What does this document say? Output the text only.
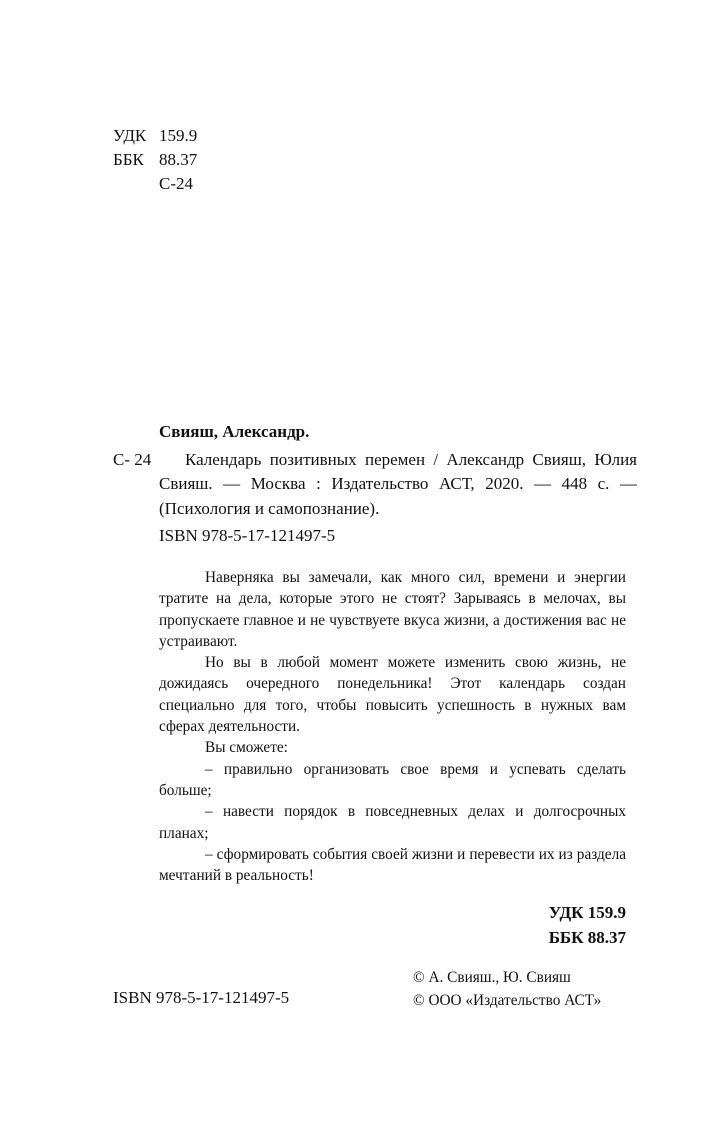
УДК 159.9
ББК 88.37
С-24
Свияш, Александр.
С- 24	Календарь позитивных перемен / Александр Свияш, Юлия Свияш. — Москва : Издательство АСТ, 2020. — 448 с. — (Психология и самопознание).
ISBN 978-5-17-121497-5

Наверняка вы замечали, как много сил, времени и энергии тратите на дела, которые этого не стоят? Зарываясь в мелочах, вы пропускаете главное и не чувствуете вкуса жизни, а достижения вас не устраивают.

Но вы в любой момент можете изменить свою жизнь, не дожидаясь очередного понедельника! Этот календарь создан специально для того, чтобы повысить успешность в нужных вам сферах деятельности.

Вы сможете:

– правильно организовать свое время и успевать сделать больше;

– навести порядок в повседневных делах и долгосрочных планах;

– сформировать события своей жизни и перевести их из раздела мечтаний в реальность!

УДК 159.9
ББК 88.37
ISBN 978-5-17-121497-5
© А. Свияш., Ю. Свияш
© ООО «Издательство АСТ»
